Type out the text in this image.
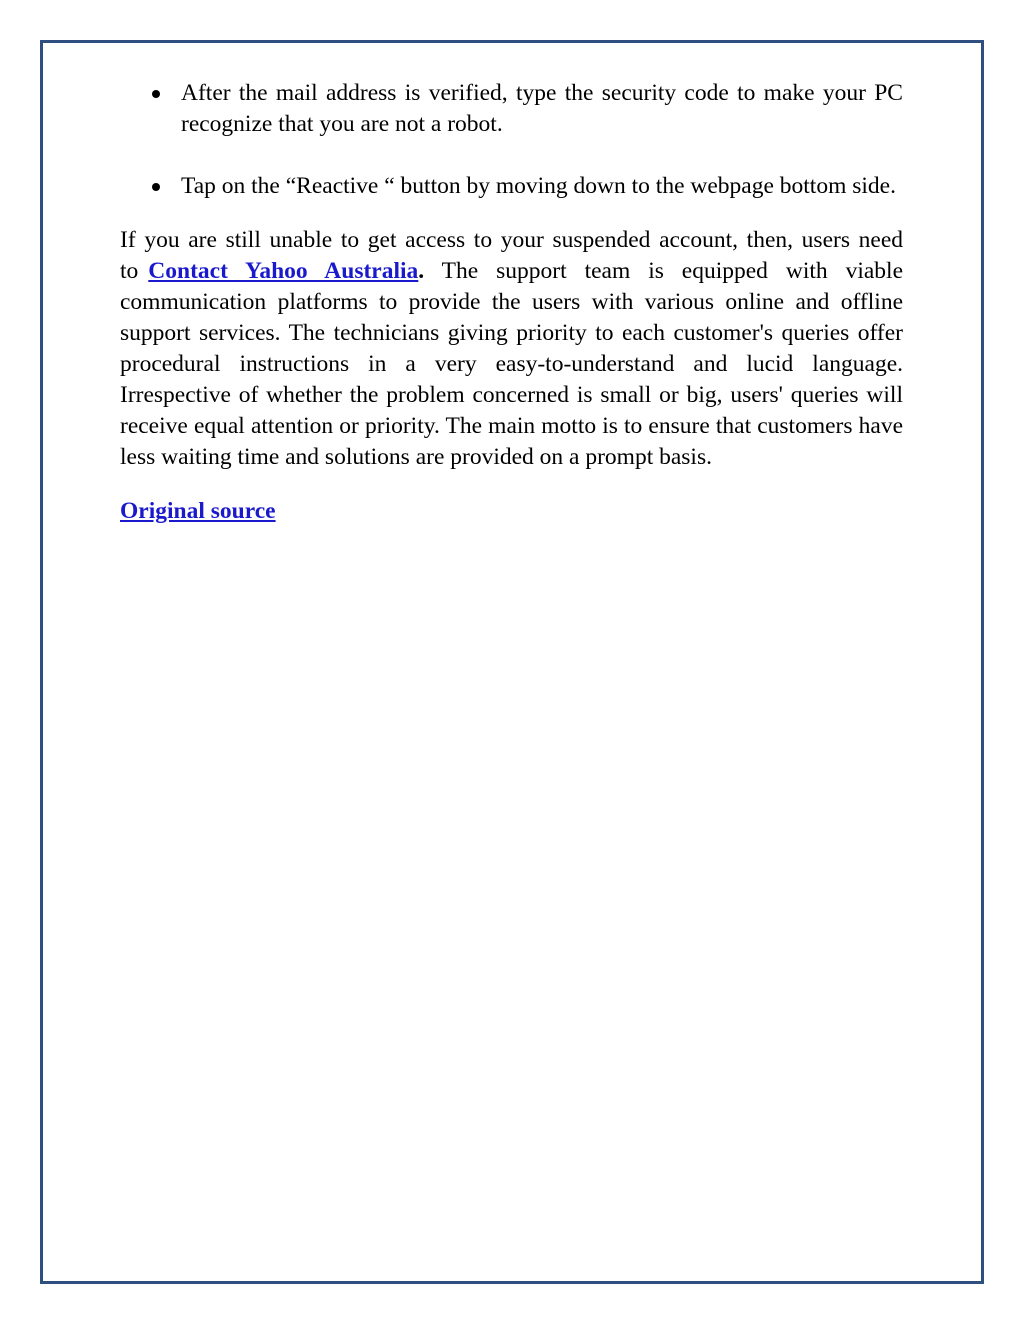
After the mail address is verified, type the security code to make your PC recognize that you are not a robot.
Tap on the “Reactive “ button by moving down to the webpage bottom side.

If you are still unable to get access to your suspended account, then, users need to Contact Yahoo Australia. The support team is equipped with viable communication platforms to provide the users with various online and offline support services. The technicians giving priority to each customer's queries offer procedural instructions in a very easy-to-understand and lucid language. Irrespective of whether the problem concerned is small or big, users' queries will receive equal attention or priority. The main motto is to ensure that customers have less waiting time and solutions are provided on a prompt basis.

Original source
